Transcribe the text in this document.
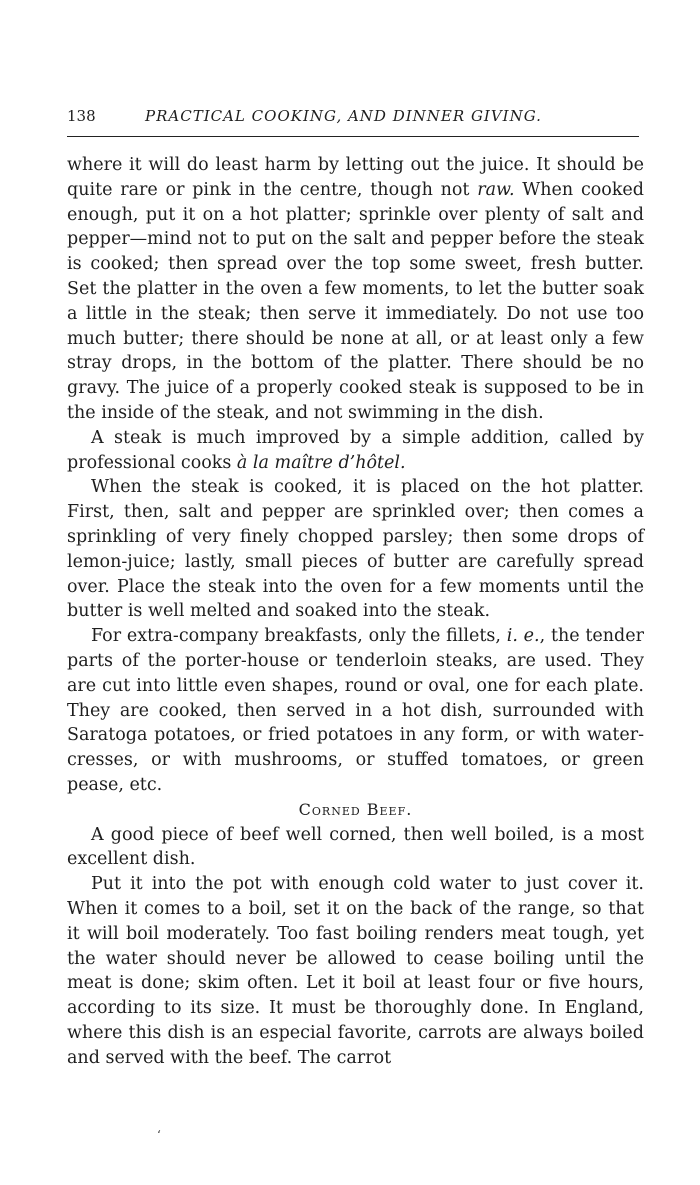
138	PRACTICAL COOKING, AND DINNER GIVING.

where it will do least harm by letting out the juice. It should be quite rare or pink in the centre, though not raw. When cooked enough, put it on a hot platter; sprinkle over plenty of salt and pepper—mind not to put on the salt and pepper before the steak is cooked; then spread over the top some sweet, fresh butter. Set the platter in the oven a few moments, to let the butter soak a little in the steak; then serve it immediately. Do not use too much butter; there should be none at all, or at least only a few stray drops, in the bottom of the platter. There should be no gravy. The juice of a properly cooked steak is supposed to be in the inside of the steak, and not swimming in the dish.

A steak is much improved by a simple addition, called by professional cooks à la maître d’hôtel.

When the steak is cooked, it is placed on the hot platter. First, then, salt and pepper are sprinkled over; then comes a sprinkling of very finely chopped parsley; then some drops of lemon-juice; lastly, small pieces of butter are carefully spread over. Place the steak into the oven for a few moments until the butter is well melted and soaked into the steak.

For extra-company breakfasts, only the fillets, i. e., the tender parts of the porter-house or tenderloin steaks, are used. They are cut into little even shapes, round or oval, one for each plate. They are cooked, then served in a hot dish, surrounded with Saratoga potatoes, or fried potatoes in any form, or with water-cresses, or with mushrooms, or stuffed tomatoes, or green pease, etc.

Corned Beef.

A good piece of beef well corned, then well boiled, is a most excellent dish.

Put it into the pot with enough cold water to just cover it. When it comes to a boil, set it on the back of the range, so that it will boil moderately. Too fast boiling renders meat tough, yet the water should never be allowed to cease boiling until the meat is done; skim often. Let it boil at least four or five hours, according to its size. It must be thoroughly done. In England, where this dish is an especial favorite, carrots are always boiled and served with the beef. The carrot

‘
